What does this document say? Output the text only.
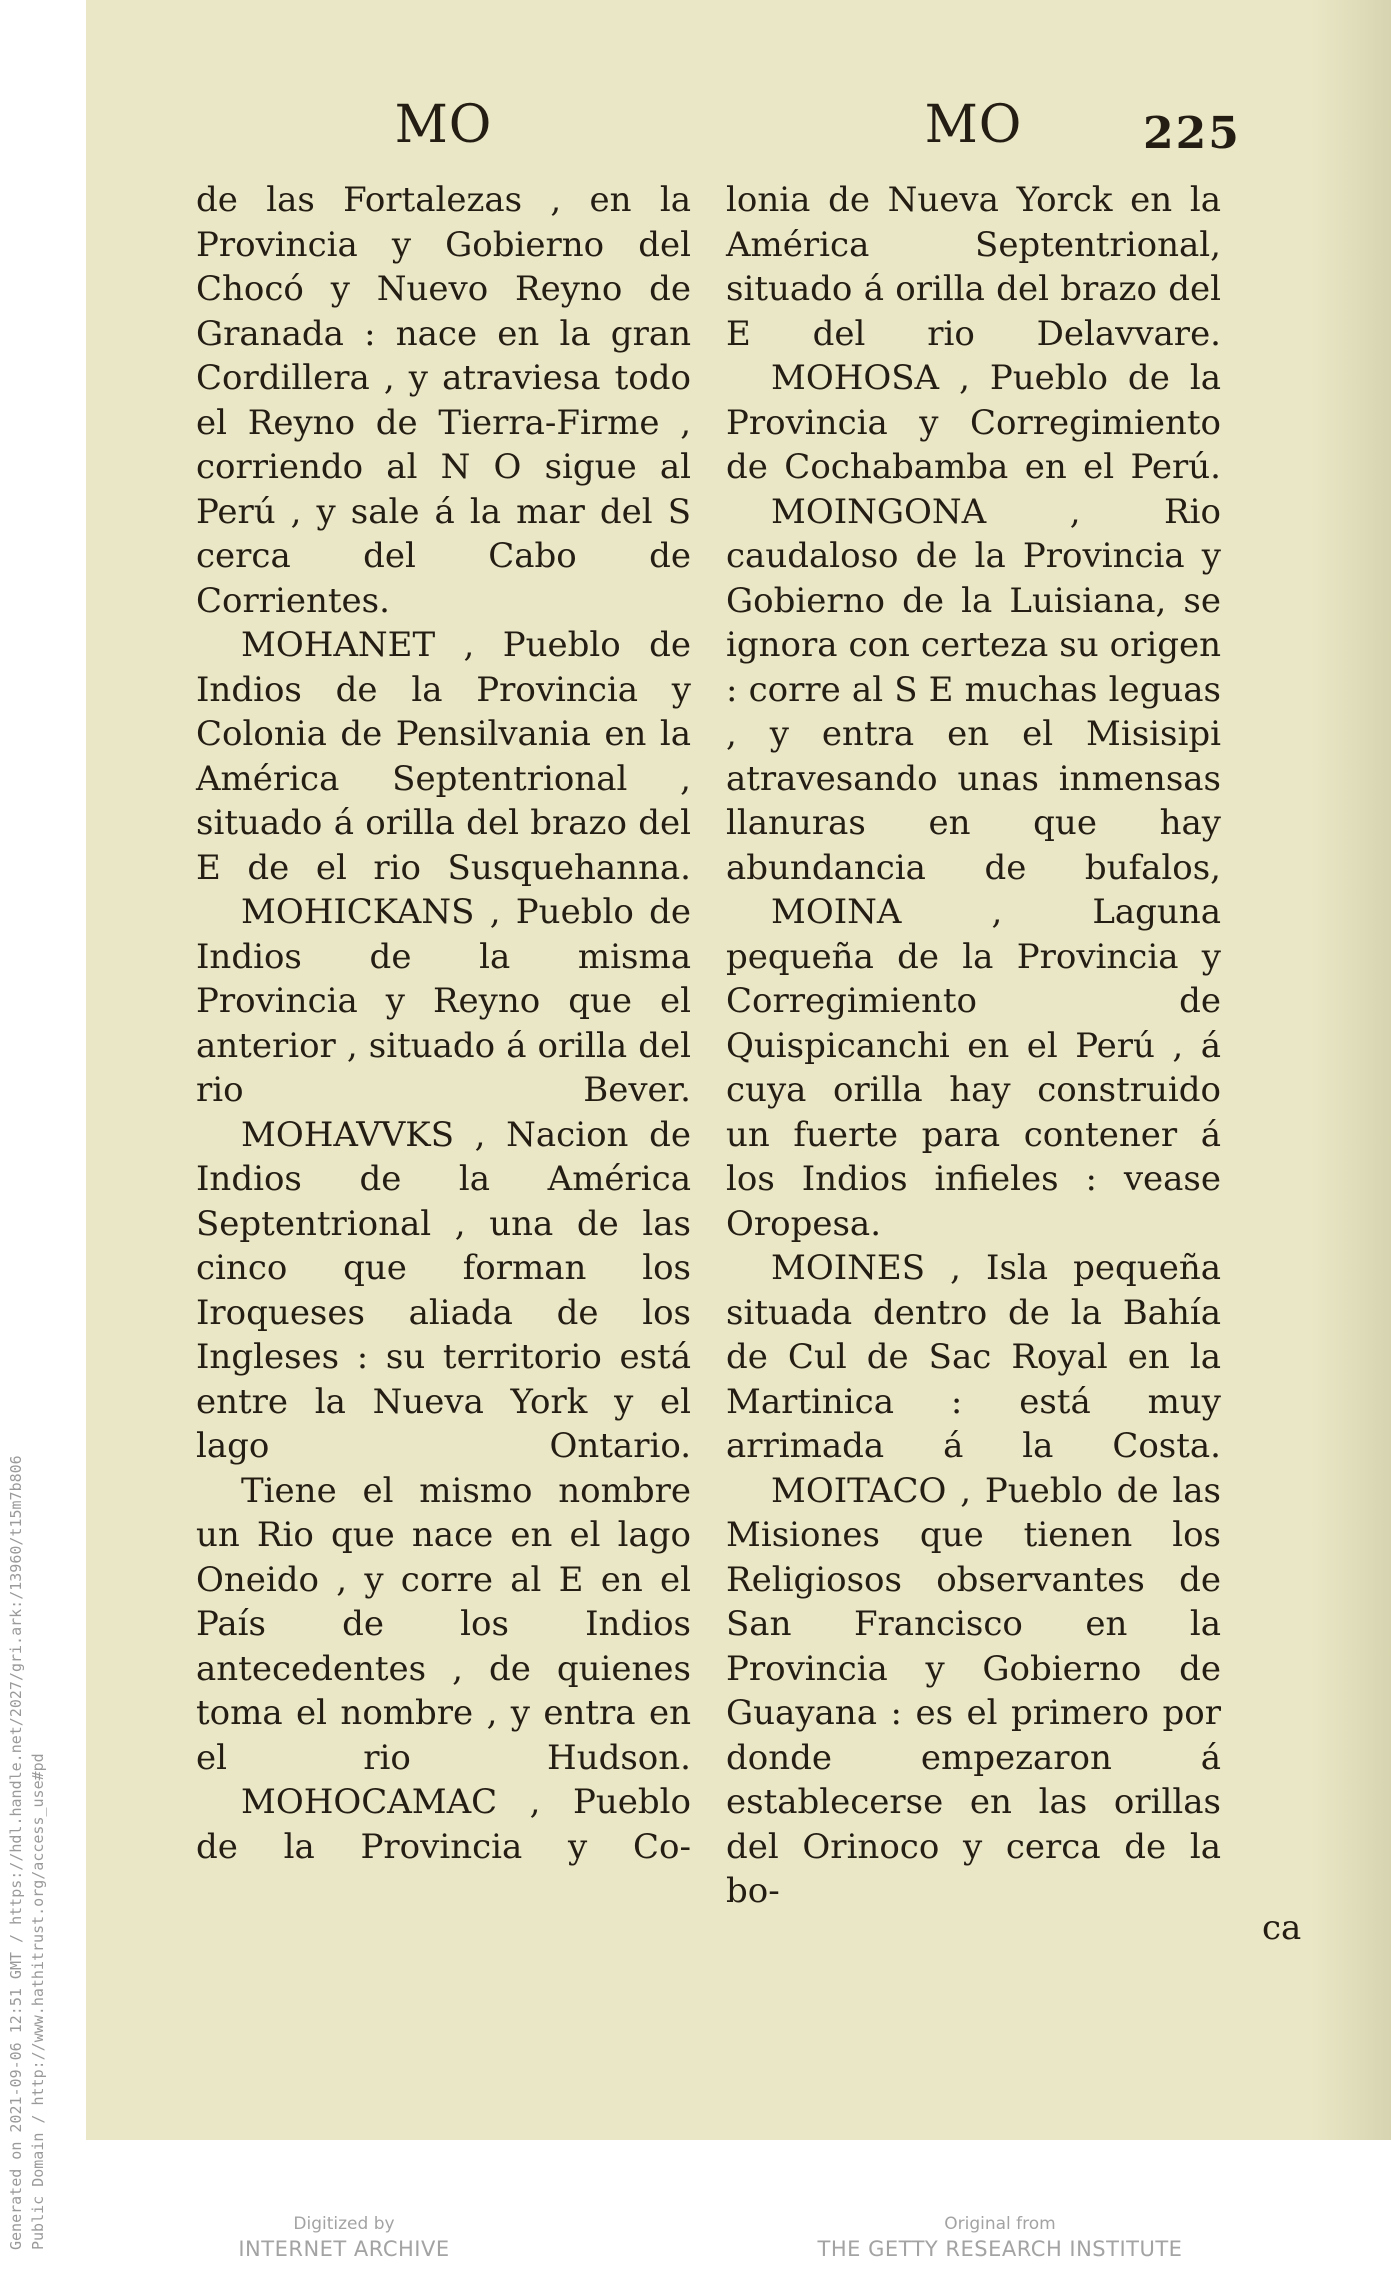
Generated on 2021-09-06 12:51 GMT / https://hdl.handle.net/2027/gri.ark:/13960/t15m7b806 Public Domain / http://www.hathitrust.org/access_use#pd
MO

de las Fortalezas , en la Provincia y Gobierno del Chocó y Nuevo Reyno de Granada : nace en la gran Cordillera , y atraviesa todo el Reyno de Tierra-Firme , corriendo al N O sigue al Perú , y sale á la mar del S cerca del Cabo de Corrientes.

MOHANET , Pueblo de Indios de la Provincia y Colonia de Pensilvania en la América Septentrional , situado á orilla del brazo del E de el rio Susquehanna.

MOHICKANS , Pueblo de Indios de la misma Provincia y Reyno que el anterior , situado á orilla del rio Bever.

MOHAVVKS , Nacion de Indios de la América Septentrional , una de las cinco que forman los Iroqueses aliada de los Ingleses : su territorio está entre la Nueva York y el lago Ontario.

Tiene el mismo nombre un Rio que nace en el lago Oneido , y corre al E en el País de los Indios antecedentes , de quienes toma el nombre , y entra en el rio Hudson.

MOHOCAMAC , Pueblo de la Provincia y Co-

MO

lonia de Nueva Yorck en la América Septentrional, situado á orilla del brazo del E del rio Delavvare.

MOHOSA , Pueblo de la Provincia y Corregimiento de Cochabamba en el Perú.

MOINGONA , Rio caudaloso de la Provincia y Gobierno de la Luisiana, se ignora con certeza su origen : corre al S E muchas leguas , y entra en el Misisipi atravesando unas inmensas llanuras en que hay abundancia de bufalos,

MOINA , Laguna pequeña de la Provincia y Corregimiento de Quispicanchi en el Perú , á cuya orilla hay construido un fuerte para contener á los Indios infieles : vease Oropesa.

MOINES , Isla pequeña situada dentro de la Bahía de Cul de Sac Royal en la Martinica : está muy arrimada á la Costa.

MOITACO , Pueblo de las Misiones que tienen los Religiosos observantes de San Francisco en la Provincia y Gobierno de Guayana : es el primero por donde empezaron á establecerse en las orillas del Orinoco y cerca de la bo-

225
ca
Digitized by
INTERNET ARCHIVE
Original from
THE GETTY RESEARCH INSTITUTE
